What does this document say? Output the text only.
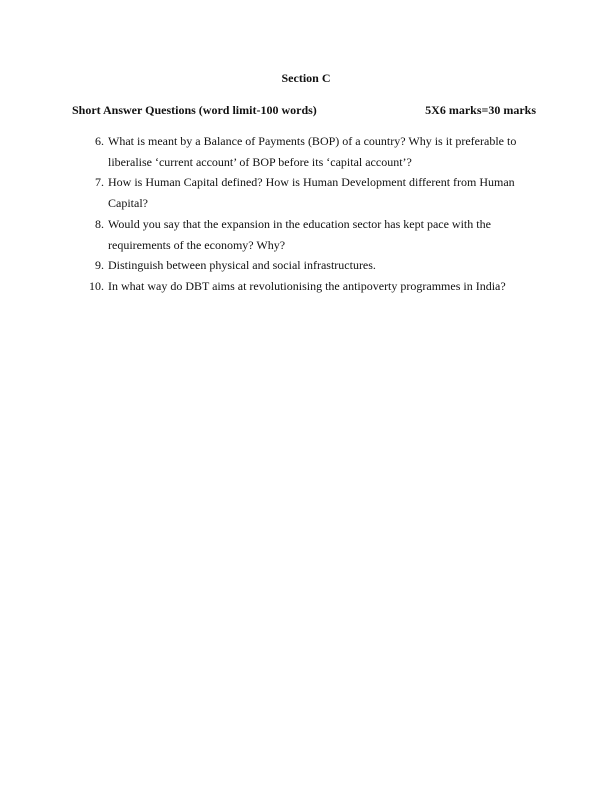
Section C
Short Answer Questions (word limit-100 words)	5X6 marks=30 marks
6. What is meant by a Balance of Payments (BOP) of a country? Why is it preferable to liberalise ‘current account’ of BOP before its ‘capital account’?
7. How is Human Capital defined? How is Human Development different from Human Capital?
8. Would you say that the expansion in the education sector has kept pace with the requirements of the economy? Why?
9. Distinguish between physical and social infrastructures.
10. In what way do DBT aims at revolutionising the antipoverty programmes in India?
